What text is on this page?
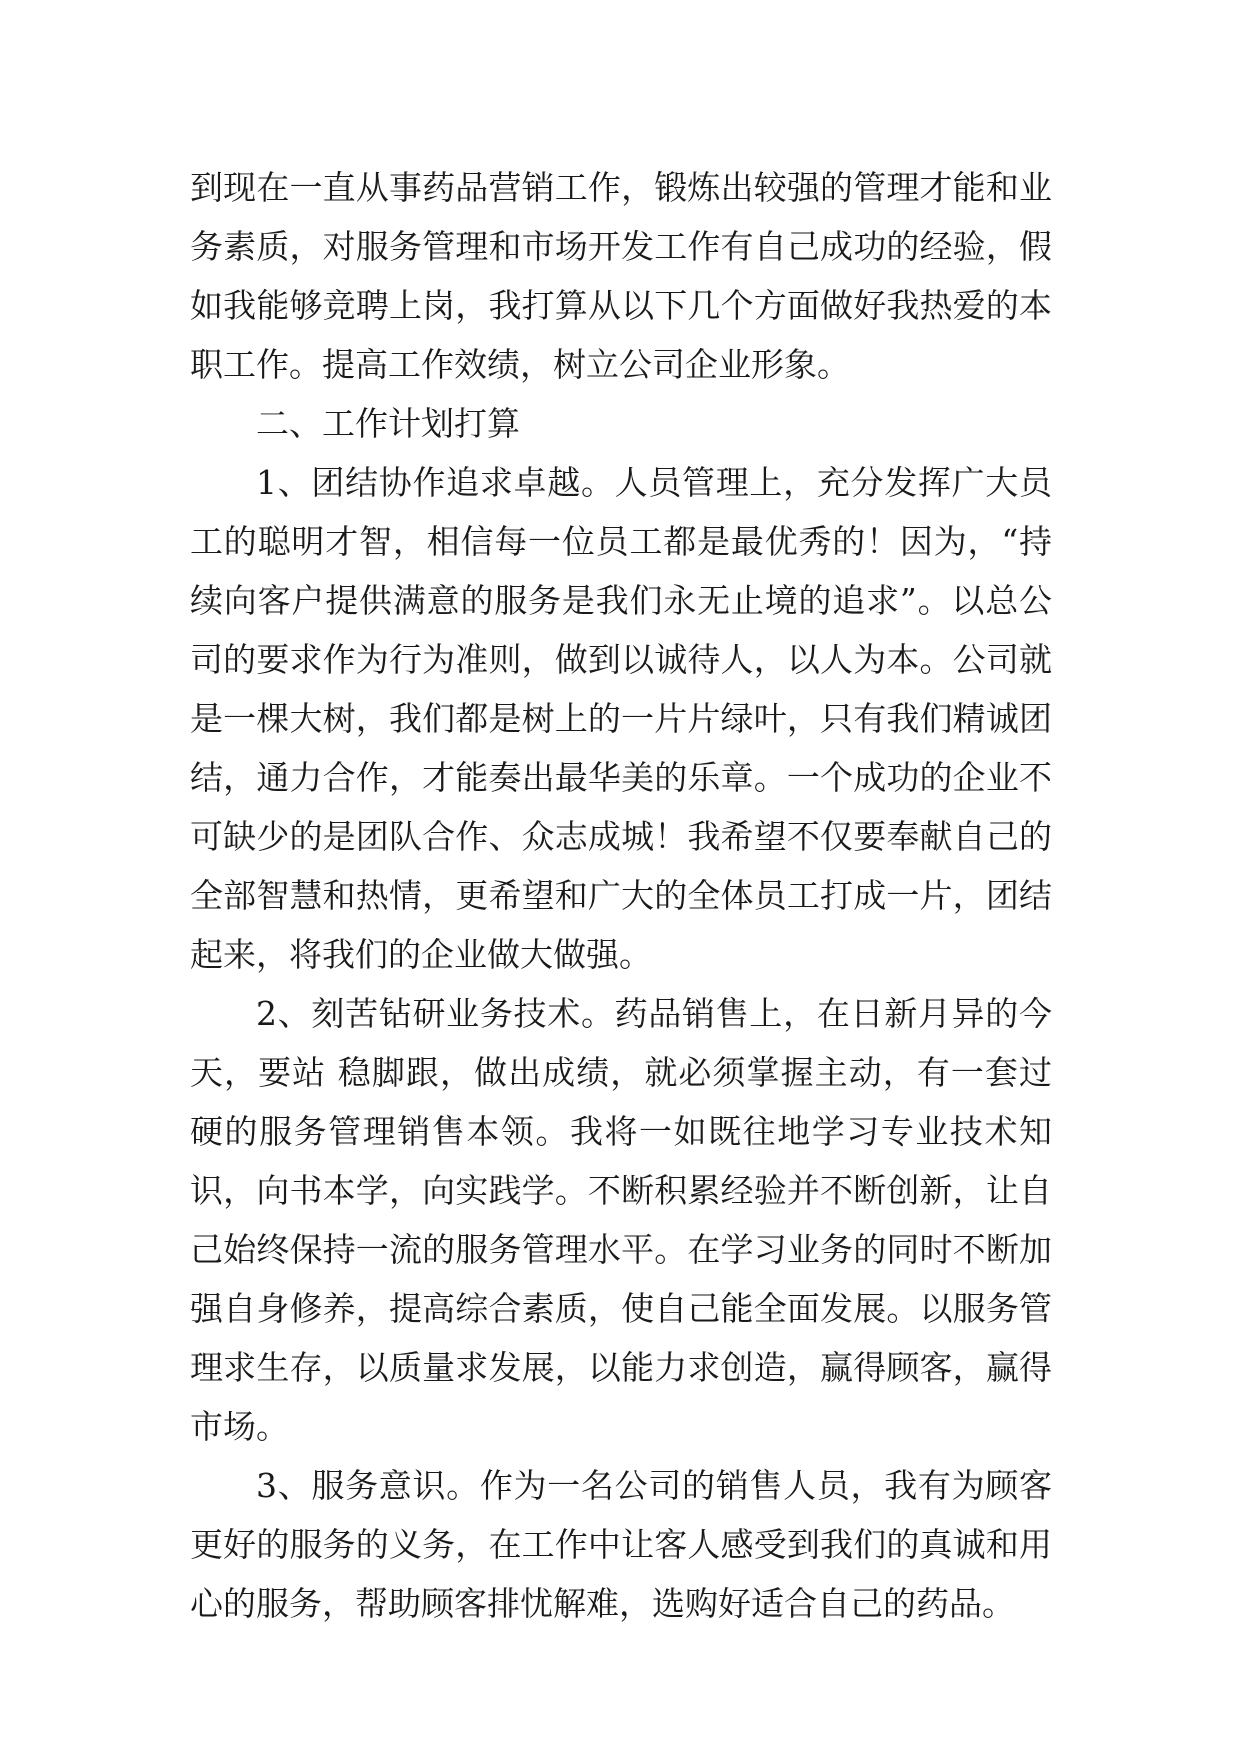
到现在一直从事药品营销工作，锻炼出较强的管理才能和业务素质，对服务管理和市场开发工作有自己成功的经验，假如我能够竞聘上岗，我打算从以下几个方面做好我热爱的本职工作。提高工作效绩，树立公司企业形象。

二、工作计划打算

1、团结协作追求卓越。人员管理上，充分发挥广大员工的聪明才智，相信每一位员工都是最优秀的！因为，“持续向客户提供满意的服务是我们永无止境的追求”。以总公司的要求作为行为准则，做到以诚待人，以人为本。公司就是一棵大树，我们都是树上的一片片绿叶，只有我们精诚团结，通力合作，才能奏出最华美的乐章。一个成功的企业不可缺少的是团队合作、众志成城！我希望不仅要奉献自己的全部智慧和热情，更希望和广大的全体员工打成一片，团结起来，将我们的企业做大做强。

2、刻苦钻研业务技术。药品销售上，在日新月异的今天，要站 稳脚跟，做出成绩，就必须掌握主动，有一套过硬的服务管理销售本领。我将一如既往地学习专业技术知识，向书本学，向实践学。不断积累经验并不断创新，让自己始终保持一流的服务管理水平。在学习业务的同时不断加强自身修养，提高综合素质，使自己能全面发展。以服务管理求生存，以质量求发展，以能力求创造，赢得顾客，赢得市场。

3、服务意识。作为一名公司的销售人员，我有为顾客更好的服务的义务，在工作中让客人感受到我们的真诚和用心的服务，帮助顾客排忧解难，选购好适合自己的药品。
